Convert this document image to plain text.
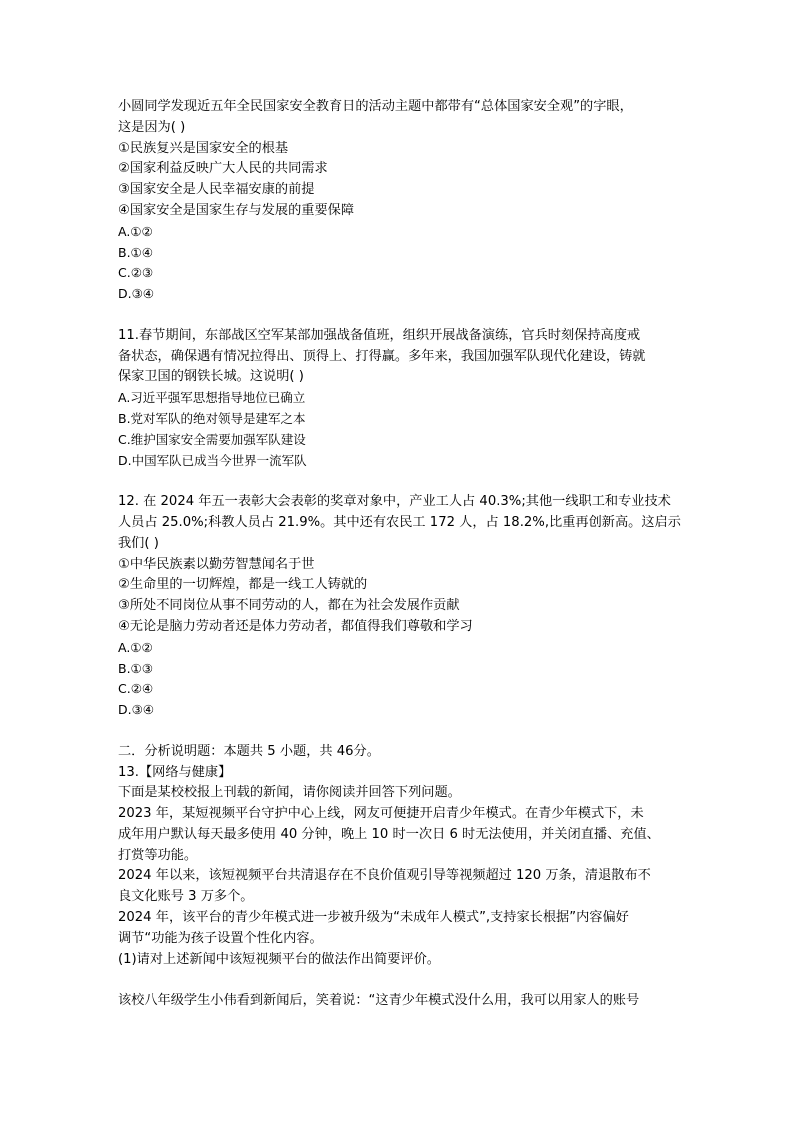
小圆同学发现近五年全民国家安全教育日的活动主题中都带有“总体国家安全观”的字眼，
这是因为( )
①民族复兴是国家安全的根基
②国家利益反映广大人民的共同需求
③国家安全是人民幸福安康的前提
④国家安全是国家生存与发展的重要保障
A.①②
B.①④
C.②③
D.③④
11.春节期间，东部战区空军某部加强战备值班，组织开展战备演练，官兵时刻保持高度戒
备状态，确保遇有情况拉得出、顶得上、打得赢。多年来，我国加强军队现代化建设，铸就
保家卫国的钢铁长城。这说明( )
A.习近平强军思想指导地位已确立
B.党对军队的绝对领导是建军之本
C.维护国家安全需要加强军队建设
D.中国军队已成当今世界一流军队
12. 在 2024 年五一表彰大会表彰的奖章对象中，产业工人占 40.3%;其他一线职工和专业技术
人员占 25.0%;科教人员占 21.9%。其中还有农民工 172 人，占 18.2%,比重再创新高。这启示
我们( )
①中华民族素以勤劳智慧闻名于世
②生命里的一切辉煌，都是一线工人铸就的
③所处不同岗位从事不同劳动的人，都在为社会发展作贡献
④无论是脑力劳动者还是体力劳动者，都值得我们尊敬和学习
A.①②
B.①③
C.②④
D.③④
二．分析说明题：本题共 5 小题，共 46分。
13.【网络与健康】
下面是某校校报上刊载的新闻，请你阅读并回答下列问题。
2023 年，某短视频平台守护中心上线，网友可便捷开启青少年模式。在青少年模式下，未
成年用户默认每天最多使用 40 分钟，晚上 10 时一次日 6 时无法使用，并关闭直播、充值、
打赏等功能。
2024 年以来，该短视频平台共清退存在不良价值观引导等视频超过 120 万条，清退散布不
良文化账号 3 万多个。
2024 年，该平台的青少年模式进一步被升级为“未成年人模式”,支持家长根据”内容偏好
调节“功能为孩子设置个性化内容。
(1)请对上述新闻中该短视频平台的做法作出简要评价。
该校八年级学生小伟看到新闻后，笑着说：“这青少年模式没什么用，我可以用家人的账号
